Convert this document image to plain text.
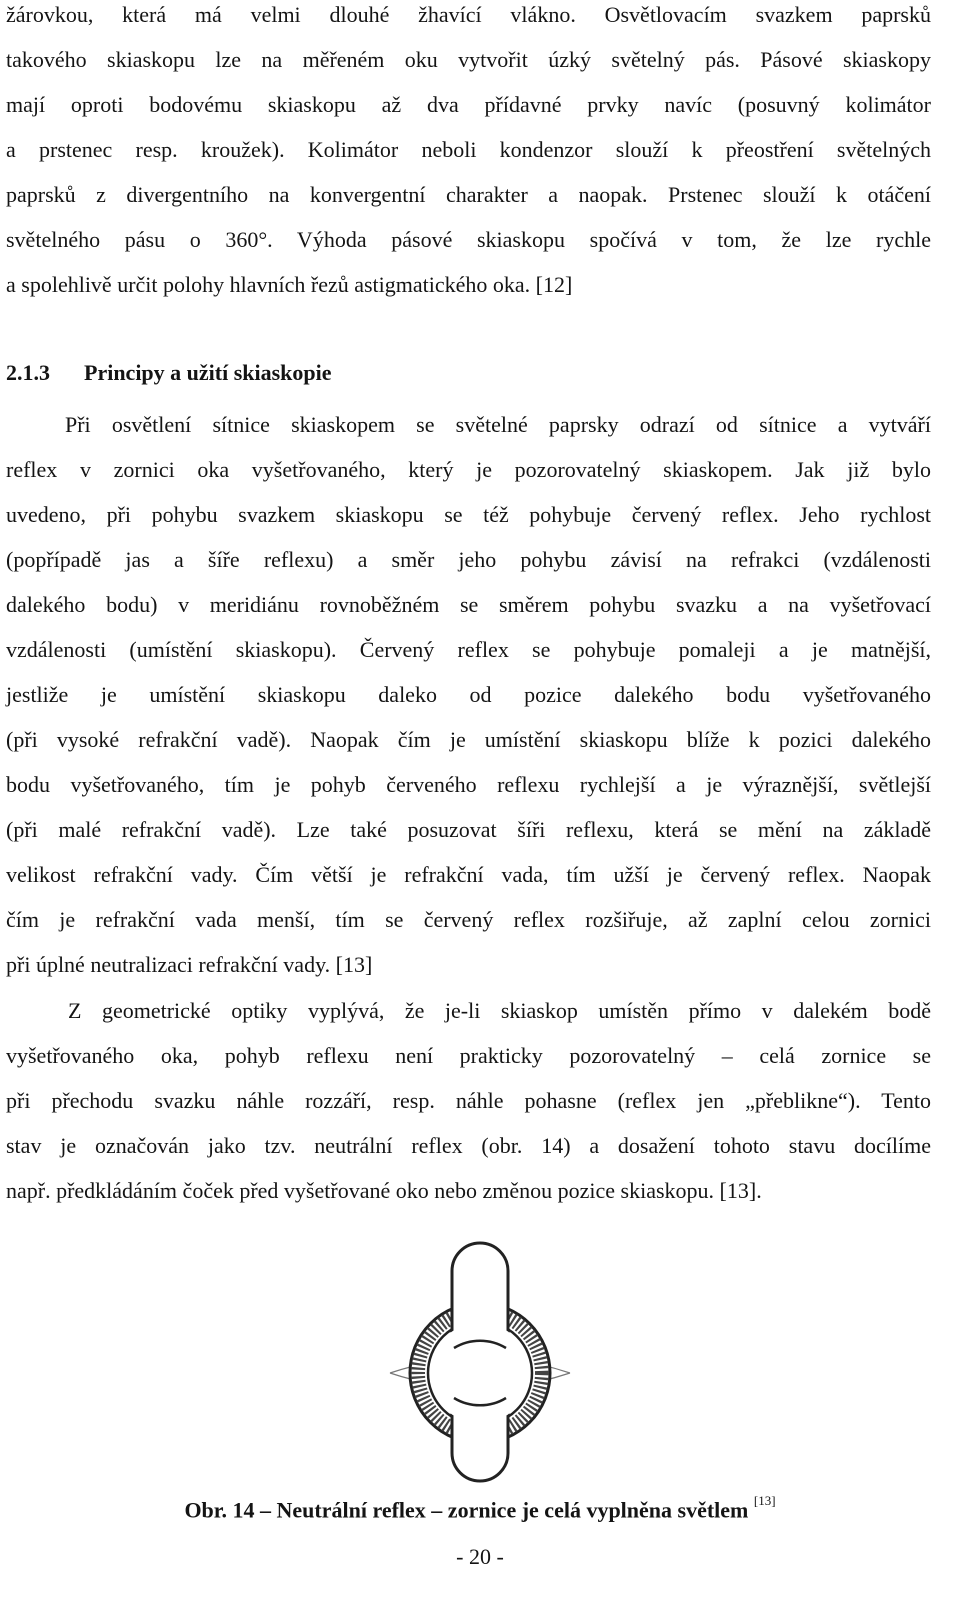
žárovkou, která má velmi dlouhé žhavící vlákno. Osvětlovacím svazkem paprsků
takového skiaskopu lze na měřeném oku vytvořit úzký světelný pás. Pásové skiaskopy
mají oproti bodovému skiaskopu až dva přídavné prvky navíc (posuvný kolimátor
a prstenec resp. kroužek). Kolimátor neboli kondenzor slouží k přeostření světelných
paprsků z divergentního na konvergentní charakter a naopak. Prstenec slouží k otáčení
světelného pásu o 360°. Výhoda pásové skiaskopu spočívá v tom, že lze rychle
a spolehlivě určit polohy hlavních řezů astigmatického oka. [12]
2.1.3 Principy a užití skiaskopie
Při osvětlení sítnice skiaskopem se světelné paprsky odrazí od sítnice a vytváří
reflex v zornici oka vyšetřovaného, který je pozorovatelný skiaskopem. Jak již bylo
uvedeno, při pohybu svazkem skiaskopu se též pohybuje červený reflex. Jeho rychlost
(popřípadě jas a šíře reflexu) a směr jeho pohybu závisí na refrakci (vzdálenosti
dalekého bodu) v meridiánu rovnoběžném se směrem pohybu svazku a na vyšetřovací
vzdálenosti (umístění skiaskopu). Červený reflex se pohybuje pomaleji a je matnější,
jestliže je umístění skiaskopu daleko od pozice dalekého bodu vyšetřovaného
(při vysoké refrakční vadě). Naopak čím je umístění skiaskopu blíže k pozici dalekého
bodu vyšetřovaného, tím je pohyb červeného reflexu rychlejší a je výraznější, světlejší
(při malé refrakční vadě). Lze také posuzovat šíři reflexu, která se mění na základě
velikost refrakční vady. Čím větší je refrakční vada, tím užší je červený reflex. Naopak
čím je refrakční vada menší, tím se červený reflex rozšiřuje, až zaplní celou zornici
při úplné neutralizaci refrakční vady. [13]
Z geometrické optiky vyplývá, že je-li skiaskop umístěn přímo v dalekém bodě
vyšetřovaného oka, pohyb reflexu není prakticky pozorovatelný – celá zornice se
při přechodu svazku náhle rozzáří, resp. náhle pohasne (reflex jen „přeblikne“). Tento
stav je označován jako tzv. neutrální reflex (obr. 14) a dosažení tohoto stavu docílíme
např. předkládáním čoček před vyšetřované oko nebo změnou pozice skiaskopu. [13].
Obr. 14 – Neutrální reflex – zornice je celá vyplněna světlem [13]
- 20 -
